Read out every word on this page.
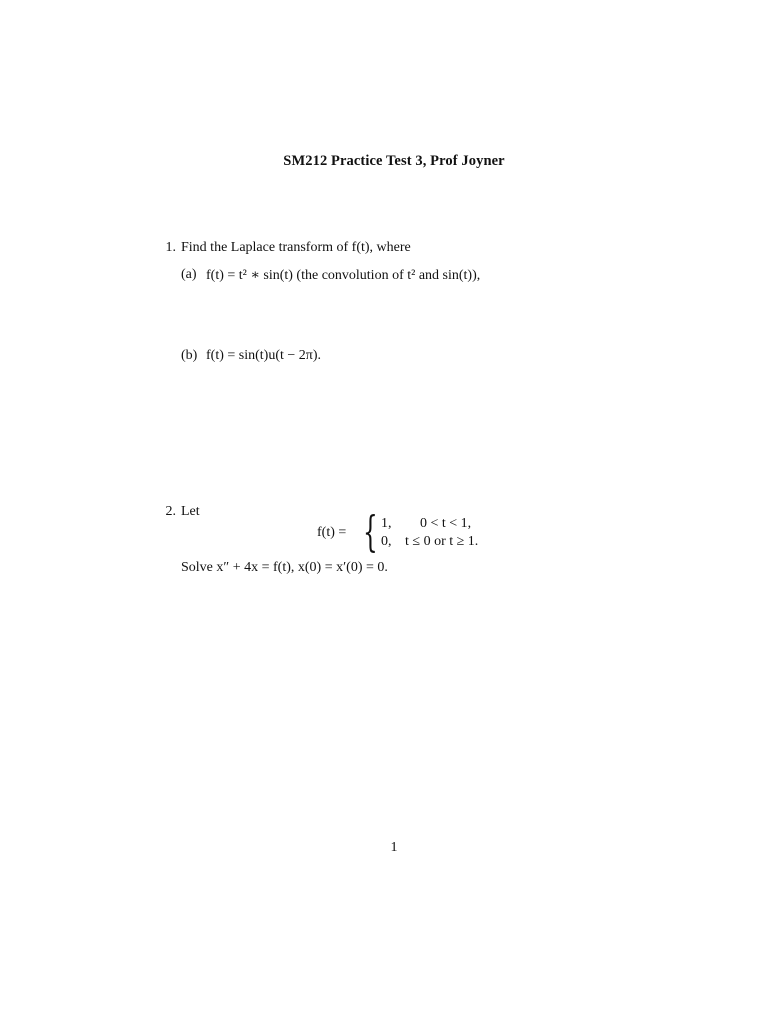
SM212 Practice Test 3, Prof Joyner
1. Find the Laplace transform of f(t), where
(a) f(t) = t² ∗ sin(t) (the convolution of t² and sin(t)),
(b) f(t) = sin(t)u(t − 2π).
2. Let
f(t) = { 1, 0 < t < 1,
0, t ≤ 0 or t ≥ 1.
Solve x″ + 4x = f(t), x(0) = x′(0) = 0.
1
